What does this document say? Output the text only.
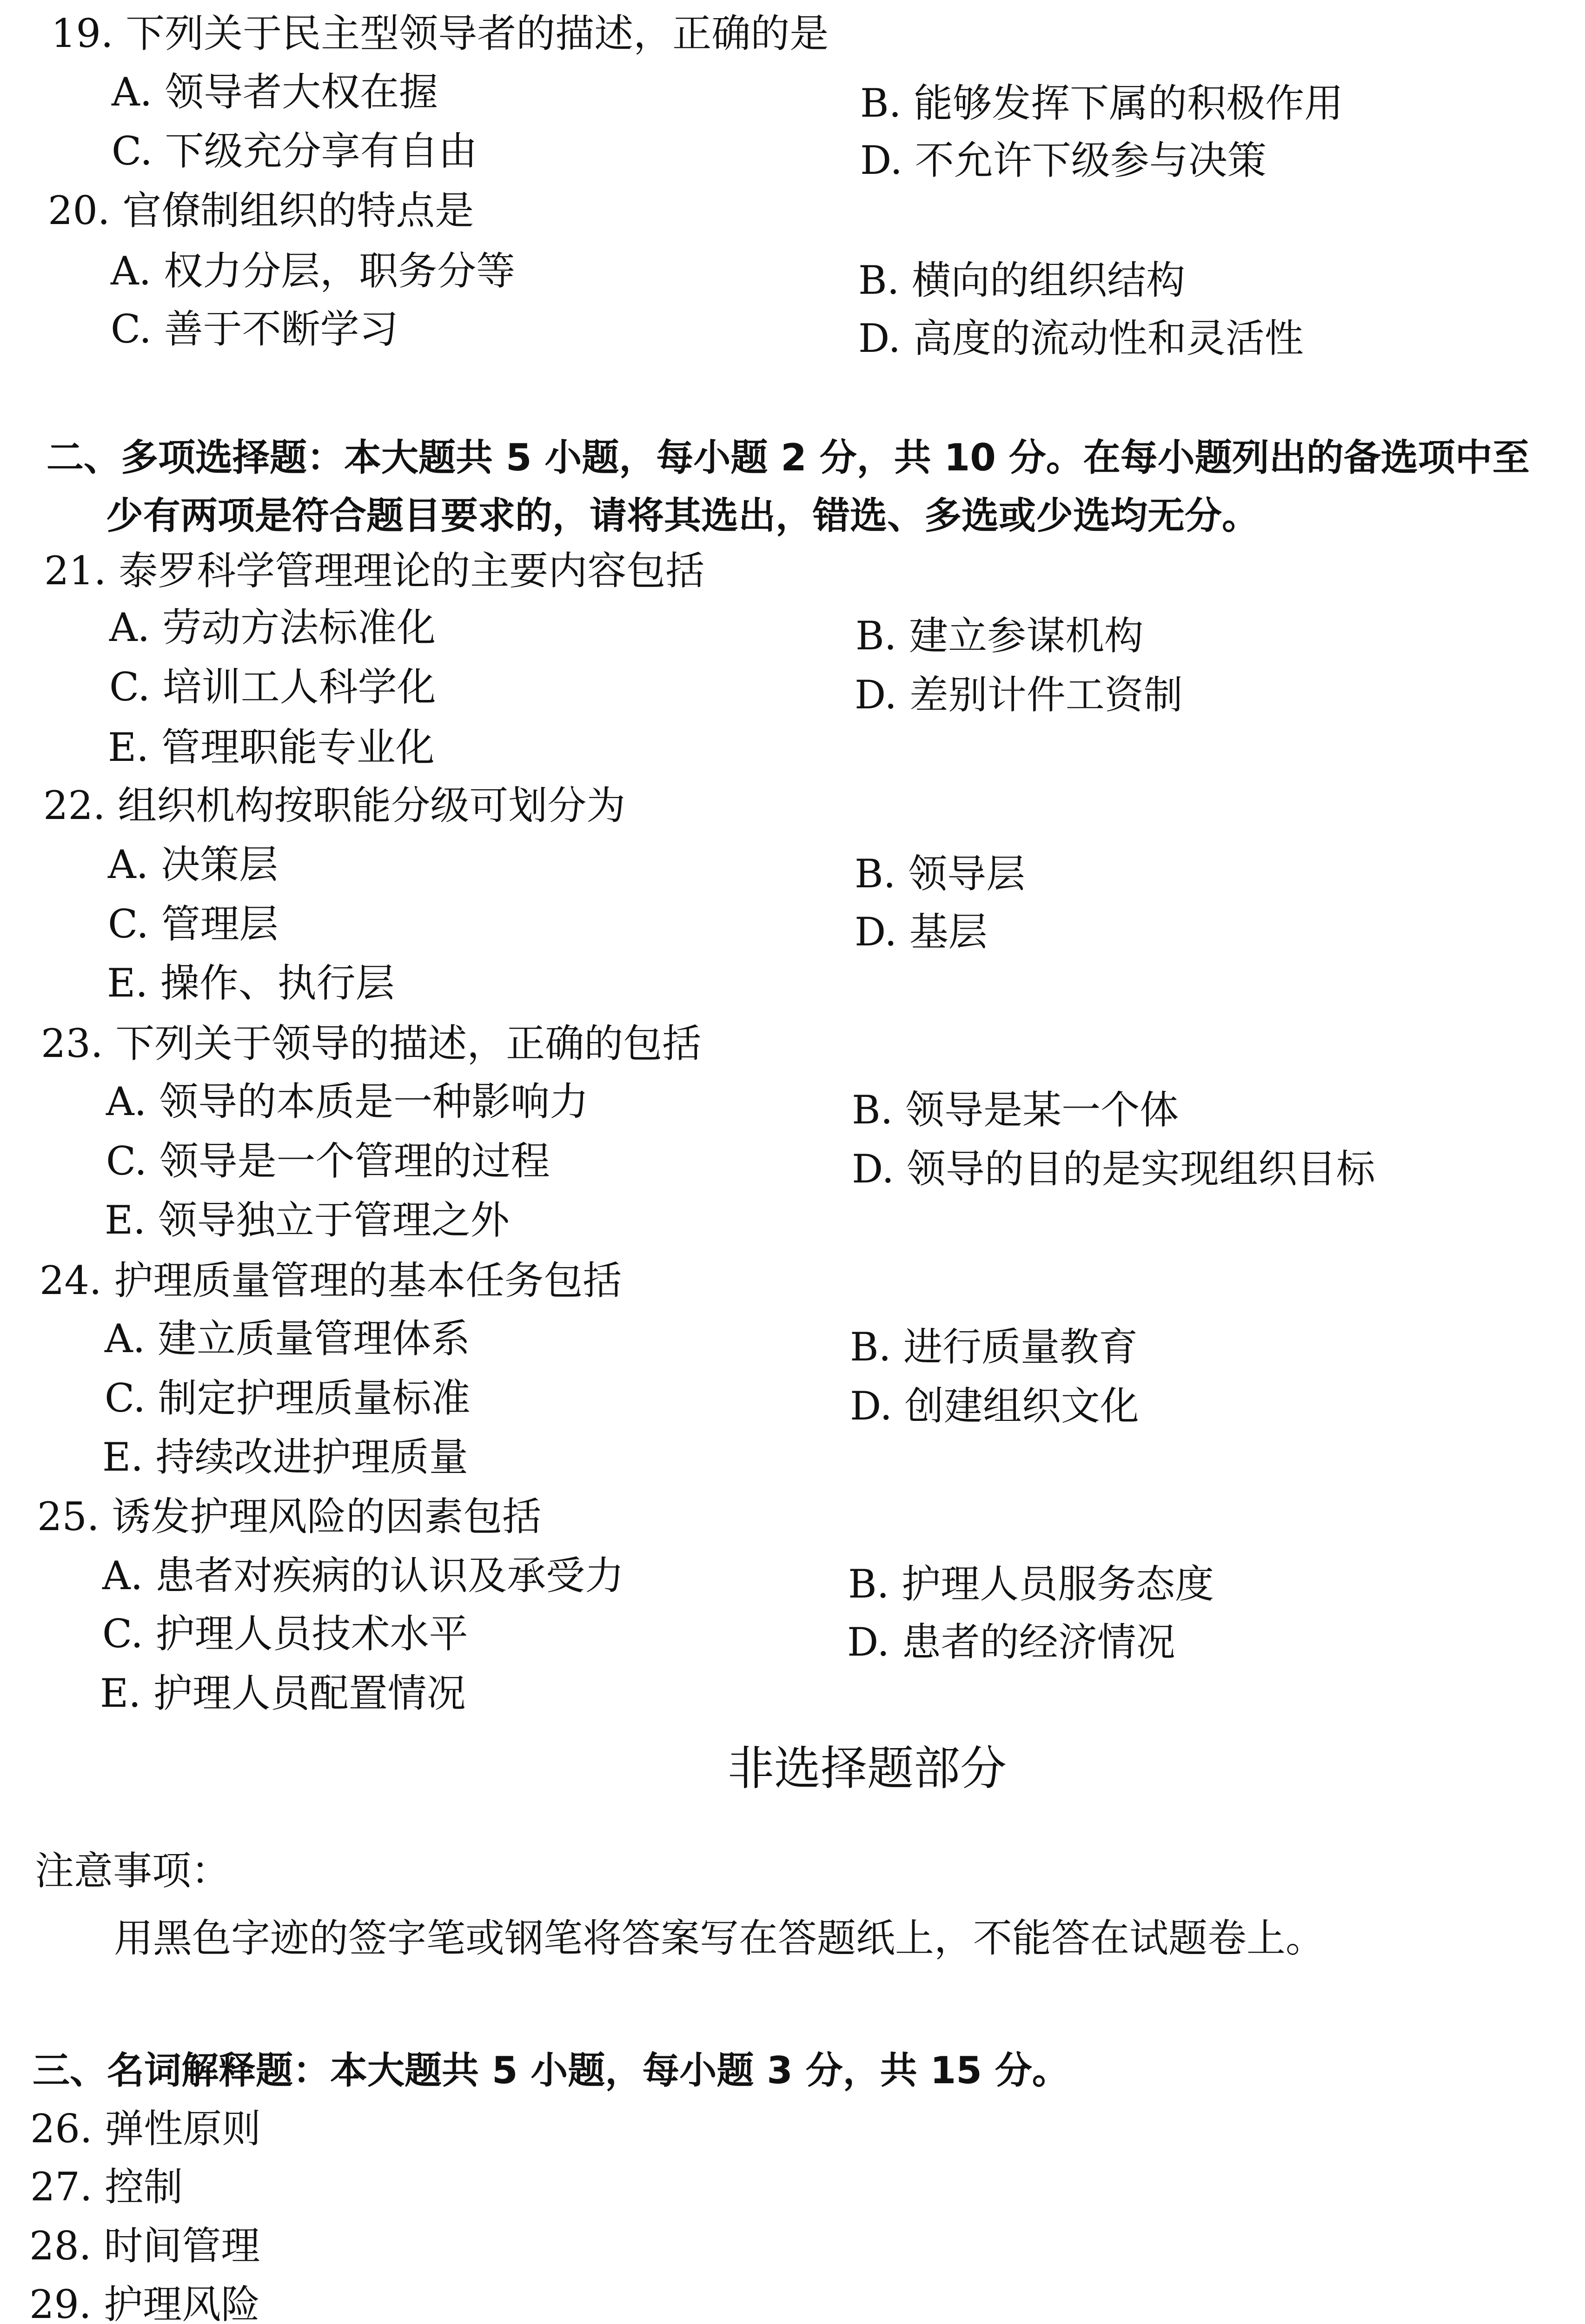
19. 下列关于民主型领导者的描述，正确的是
A. 领导者大权在握	B. 能够发挥下属的积极作用
C. 下级充分享有自由	D. 不允许下级参与决策
20. 官僚制组织的特点是
A. 权力分层，职务分等	B. 横向的组织结构
C. 善于不断学习	D. 高度的流动性和灵活性
二、多项选择题：本大题共 5 小题，每小题 2 分，共 10 分。在每小题列出的备选项中至
少有两项是符合题目要求的，请将其选出，错选、多选或少选均无分。
21. 泰罗科学管理理论的主要内容包括
A. 劳动方法标准化	B. 建立参谋机构
C. 培训工人科学化	D. 差别计件工资制
E. 管理职能专业化
22. 组织机构按职能分级可划分为
A. 决策层	B. 领导层
C. 管理层	D. 基层
E. 操作、执行层
23. 下列关于领导的描述，正确的包括
A. 领导的本质是一种影响力	B. 领导是某一个体
C. 领导是一个管理的过程	D. 领导的目的是实现组织目标
E. 领导独立于管理之外
24. 护理质量管理的基本任务包括
A. 建立质量管理体系	B. 进行质量教育
C. 制定护理质量标准	D. 创建组织文化
E. 持续改进护理质量
25. 诱发护理风险的因素包括
A. 患者对疾病的认识及承受力	B. 护理人员服务态度
C. 护理人员技术水平	D. 患者的经济情况
E. 护理人员配置情况
非选择题部分
注意事项：
用黑色字迹的签字笔或钢笔将答案写在答题纸上，不能答在试题卷上。
三、名词解释题：本大题共 5 小题，每小题 3 分，共 15 分。
26. 弹性原则
27. 控制
28. 时间管理
29. 护理风险
